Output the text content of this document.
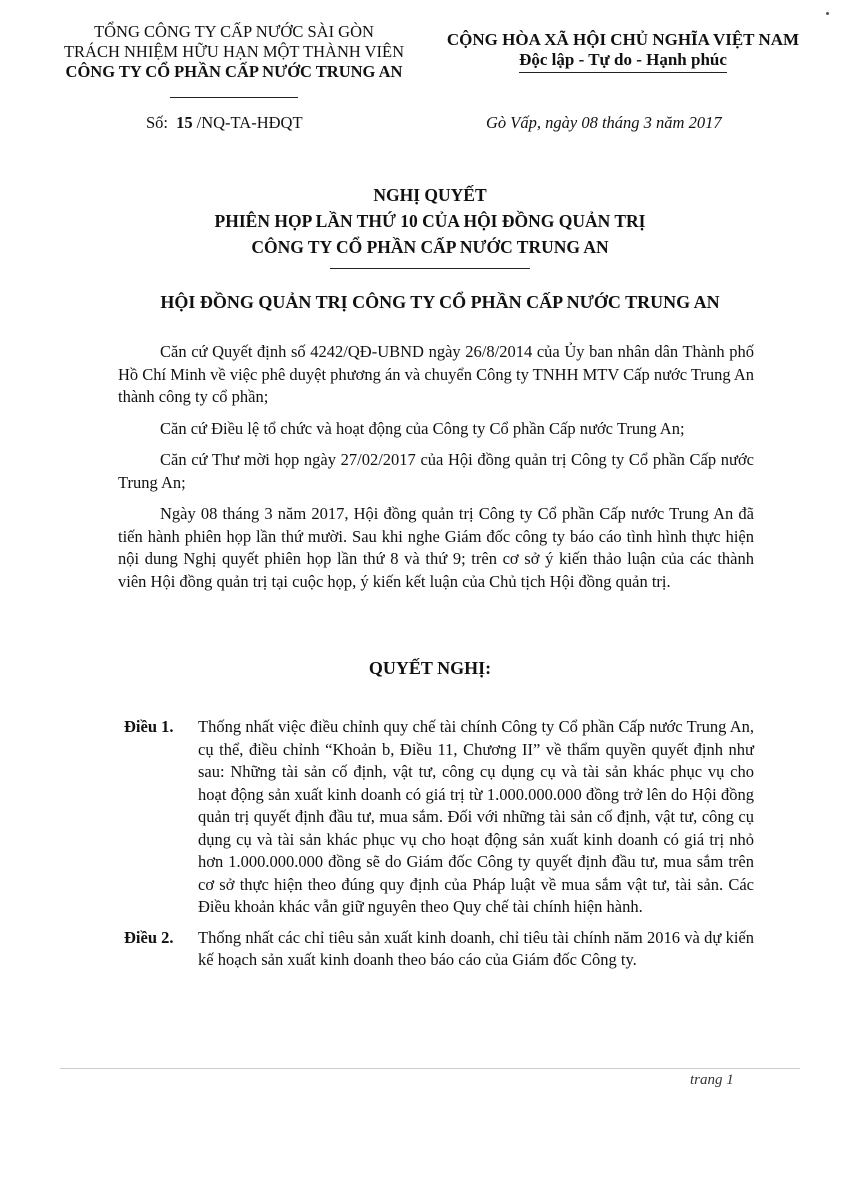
TỔNG CÔNG TY CẤP NƯỚC SÀI GÒN
TRÁCH NHIỆM HỮU HẠN MỘT THÀNH VIÊN
CÔNG TY CỔ PHẦN CẤP NƯỚC TRUNG AN
CỘNG HÒA XÃ HỘI CHỦ NGHĨA VIỆT NAM
Độc lập - Tự do - Hạnh phúc
Số: 15 /NQ-TA-HĐQT	Gò Vấp, ngày 08 tháng 3 năm 2017
NGHỊ QUYẾT
PHIÊN HỌP LẦN THỨ 10 CỦA HỘI ĐỒNG QUẢN TRỊ
CÔNG TY CỔ PHẦN CẤP NƯỚC TRUNG AN
HỘI ĐỒNG QUẢN TRỊ CÔNG TY CỔ PHẦN CẤP NƯỚC TRUNG AN

Căn cứ Quyết định số 4242/QĐ-UBND ngày 26/8/2014 của Ủy ban nhân dân Thành phố Hồ Chí Minh về việc phê duyệt phương án và chuyển Công ty TNHH MTV Cấp nước Trung An thành công ty cổ phần;

Căn cứ Điều lệ tổ chức và hoạt động của Công ty Cổ phần Cấp nước Trung An;

Căn cứ Thư mời họp ngày 27/02/2017 của Hội đồng quản trị Công ty Cổ phần Cấp nước Trung An;

Ngày 08 tháng 3 năm 2017, Hội đồng quản trị Công ty Cổ phần Cấp nước Trung An đã tiến hành phiên họp lần thứ mười. Sau khi nghe Giám đốc công ty báo cáo tình hình thực hiện nội dung Nghị quyết phiên họp lần thứ 8 và thứ 9; trên cơ sở ý kiến thảo luận của các thành viên Hội đồng quản trị tại cuộc họp, ý kiến kết luận của Chủ tịch Hội đồng quản trị.

QUYẾT NGHỊ:
Điều 1.	Thống nhất việc điều chỉnh quy chế tài chính Công ty Cổ phần Cấp nước Trung An, cụ thể, điều chỉnh “Khoản b, Điều 11, Chương II” về thẩm quyền quyết định như sau: Những tài sản cố định, vật tư, công cụ dụng cụ và tài sản khác phục vụ cho hoạt động sản xuất kinh doanh có giá trị từ 1.000.000.000 đồng trở lên do Hội đồng quản trị quyết định đầu tư, mua sắm. Đối với những tài sản cố định, vật tư, công cụ dụng cụ và tài sản khác phục vụ cho hoạt động sản xuất kinh doanh có giá trị nhỏ hơn 1.000.000.000 đồng sẽ do Giám đốc Công ty quyết định đầu tư, mua sắm trên cơ sở thực hiện theo đúng quy định của Pháp luật về mua sắm vật tư, tài sản. Các Điều khoản khác vẫn giữ nguyên theo Quy chế tài chính hiện hành.
Điều 2.	Thống nhất các chỉ tiêu sản xuất kinh doanh, chỉ tiêu tài chính năm 2016 và dự kiến kế hoạch sản xuất kinh doanh theo báo cáo của Giám đốc Công ty.
trang 1
